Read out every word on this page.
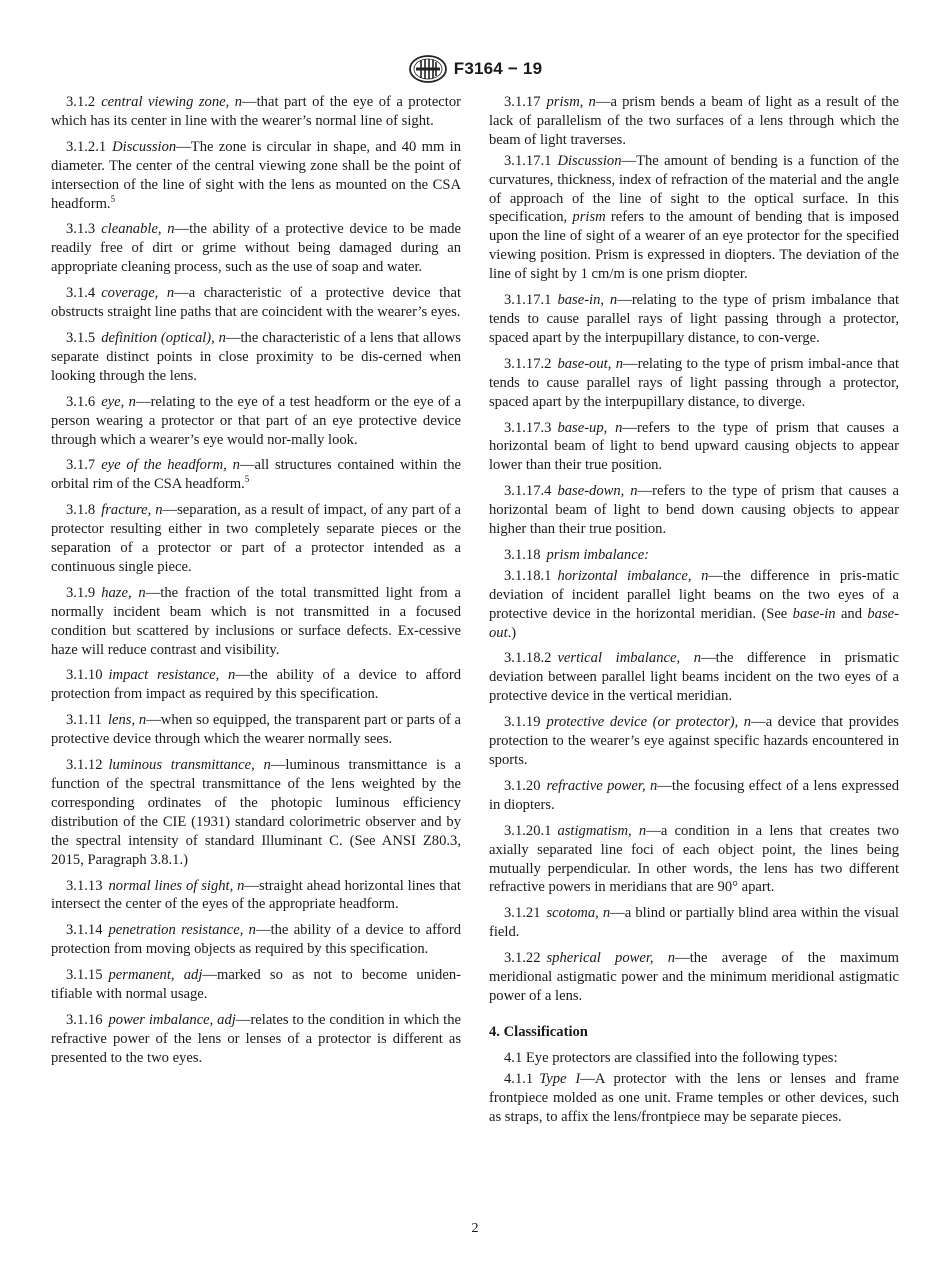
F3164 − 19

3.1.2 central viewing zone, n—that part of the eye of a protector which has its center in line with the wearer’s normal line of sight.

3.1.2.1 Discussion—The zone is circular in shape, and 40 mm in diameter. The center of the central viewing zone shall be the point of intersection of the line of sight with the lens as mounted on the CSA headform.$^5$

3.1.3 cleanable, n—the ability of a protective device to be made readily free of dirt or grime without being damaged during an appropriate cleaning process, such as the use of soap and water.

3.1.4 coverage, n—a characteristic of a protective device that obstructs straight line paths that are coincident with the wearer’s eyes.

3.1.5 definition (optical), n—the characteristic of a lens that allows separate distinct points in close proximity to be dis-cerned when looking through the lens.

3.1.6 eye, n—relating to the eye of a test headform or the eye of a person wearing a protector or that part of an eye protective device through which a wearer’s eye would nor-mally look.

3.1.7 eye of the headform, n—all structures contained within the orbital rim of the CSA headform.$^5$

3.1.8 fracture, n—separation, as a result of impact, of any part of a protector resulting either in two completely separate pieces or the separation of a protector or part of a protector intended as a continuous single piece.

3.1.9 haze, n—the fraction of the total transmitted light from a normally incident beam which is not transmitted in a focused condition but scattered by inclusions or surface defects. Ex-cessive haze will reduce contrast and visibility.

3.1.10 impact resistance, n—the ability of a device to afford protection from impact as required by this specification.

3.1.11 lens, n—when so equipped, the transparent part or parts of a protective device through which the wearer normally sees.

3.1.12 luminous transmittance, n—luminous transmittance is a function of the spectral transmittance of the lens weighted by the corresponding ordinates of the photopic luminous efficiency distribution of the CIE (1931) standard colorimetric observer and by the spectral intensity of standard Illuminant C. (See ANSI Z80.3, 2015, Paragraph 3.8.1.)

3.1.13 normal lines of sight, n—straight ahead horizontal lines that intersect the center of the eyes of the appropriate headform.

3.1.14 penetration resistance, n—the ability of a device to afford protection from moving objects as required by this specification.

3.1.15 permanent, adj—marked so as not to become uniden-tifiable with normal usage.

3.1.16 power imbalance, adj—relates to the condition in which the refractive power of the lens or lenses of a protector is different as presented to the two eyes.

3.1.17 prism, n—a prism bends a beam of light as a result of the lack of parallelism of the two surfaces of a lens through which the beam of light traverses.

3.1.17.1 Discussion—The amount of bending is a function of the curvatures, thickness, index of refraction of the material and the angle of approach of the line of sight to the optical surface. In this specification, prism refers to the amount of bending that is imposed upon the line of sight of a wearer of an eye protector for the specified viewing position. Prism is expressed in diopters. The deviation of the line of sight by 1 cm/m is one prism diopter.

3.1.17.1 base-in, n—relating to the type of prism imbalance that tends to cause parallel rays of light passing through a protector, spaced apart by the interpupillary distance, to con-verge.

3.1.17.2 base-out, n—relating to the type of prism imbal-ance that tends to cause parallel rays of light passing through a protector, spaced apart by the interpupillary distance, to diverge.

3.1.17.3 base-up, n—refers to the type of prism that causes a horizontal beam of light to bend upward causing objects to appear lower than their true position.

3.1.17.4 base-down, n—refers to the type of prism that causes a horizontal beam of light to bend down causing objects to appear higher than their true position.

3.1.18 prism imbalance:

3.1.18.1 horizontal imbalance, n—the difference in pris-matic deviation of incident parallel light beams on the two eyes of a protective device in the horizontal meridian. (See base-in and base-out.)

3.1.18.2 vertical imbalance, n—the difference in prismatic deviation between parallel light beams incident on the two eyes of a protective device in the vertical meridian.

3.1.19 protective device (or protector), n—a device that provides protection to the wearer’s eye against specific hazards encountered in sports.

3.1.20 refractive power, n—the focusing effect of a lens expressed in diopters.

3.1.20.1 astigmatism, n—a condition in a lens that creates two axially separated line foci of each object point, the lines being mutually perpendicular. In other words, the lens has two different refractive powers in meridians that are 90° apart.

3.1.21 scotoma, n—a blind or partially blind area within the visual field.

3.1.22 spherical power, n—the average of the maximum meridional astigmatic power and the minimum meridional astigmatic power of a lens.

4. Classification

4.1 Eye protectors are classified into the following types:

4.1.1 Type I—A protector with the lens or lenses and frame frontpiece molded as one unit. Frame temples or other devices, such as straps, to affix the lens/frontpiece may be separate pieces.

2
